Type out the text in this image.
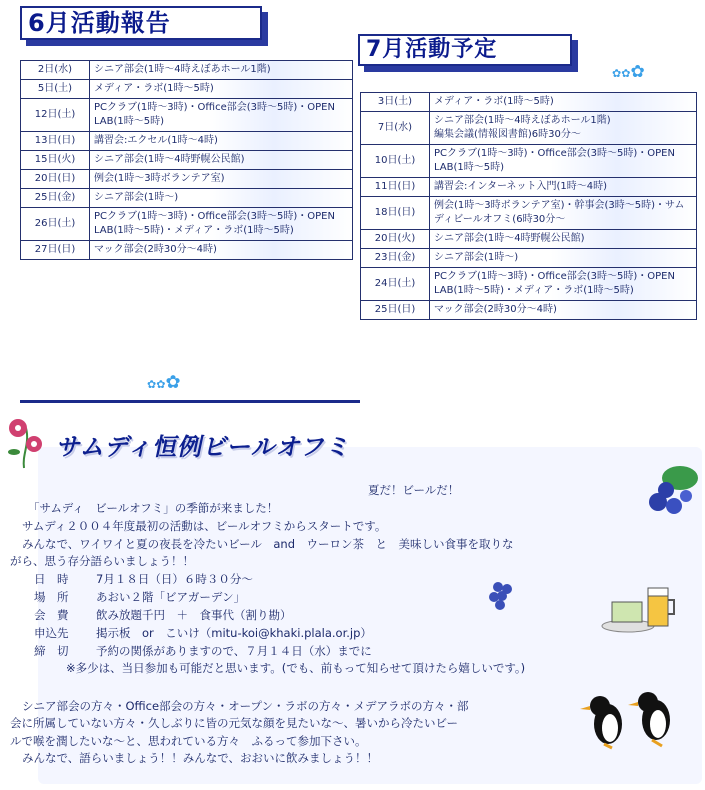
6月活動報告
7月活動予定
2日(水)	シニア部会(1時～4時えぼあホール1階)
5日(土)	メディア・ラボ(1時～5時)
12日(土)	PCクラブ(1時～3時)・Office部会(3時～5時)・OPEN LAB(1時～5時)
13日(日)	講習会:エクセル(1時～4時)
15日(火)	シニア部会(1時～4時野幌公民館)
20日(日)	例会(1時～3時ボランテア室)
25日(金)	シニア部会(1時～)
26日(土)	PCクラブ(1時～3時)・Office部会(3時～5時)・OPEN LAB(1時～5時)・メディア・ラボ(1時～5時)
27日(日)	マック部会(2時30分～4時)
3日(土)	メディア・ラボ(1時～5時)
7日(水)	シニア部会(1時～4時えぼあホール1階)
編集会議(情報図書館)6時30分～
10日(土)	PCクラブ(1時～3時)・Office部会(3時～5時)・OPEN LAB(1時～5時)
11日(日)	講習会:インターネット入門(1時～4時)
18日(日)	例会(1時～3時ボランテア室)・幹事会(3時～5時)・サムディビールオフミ(6時30分～
20日(火)	シニア部会(1時～4時野幌公民館)
23日(金)	シニア部会(1時～)
24日(土)	PCクラブ(1時～3時)・Office部会(3時～5時)・OPEN LAB(1時～5時)・メディア・ラボ(1時～5時)
25日(日)	マック部会(2時30分～4時)
✿✿✿
✿✿✿
サムディ恒例ビールオフミ
夏だ！ビールだ！
「サムディ　ビールオフミ」の季節が来ました！
サムディ２００４年度最初の活動は、ビールオフミからスタートです。
みんなで、ワイワイと夏の夜長を冷たいビール　and　ウーロン茶　と　美味しい食事を取りな
がら、思う存分語らいましょう！！
日　時 7月１８日（日）６時３０分～
場　所 あおい２階「ビアガーデン」
会　費 飲み放題千円　＋　食事代（割り勘）
申込先 掲示板　or　こいけ（mitu-koi@khaki.plala.or.jp）
締　切 予約の関係がありますので、７月１４日（水）までに
※多少は、当日参加も可能だと思います。(でも、前もって知らせて頂けたら嬉しいです。)
シニア部会の方々・Office部会の方々・オープン・ラボの方々・メデアラボの方々・部
会に所属していない方々・久しぶりに皆の元気な顔を見たいな～、暑いから冷たいビー
ルで喉を潤したいな～と、思われている方々　ふるって参加下さい。
みんなで、語らいましょう！！みんなで、おおいに飲みましょう！！
